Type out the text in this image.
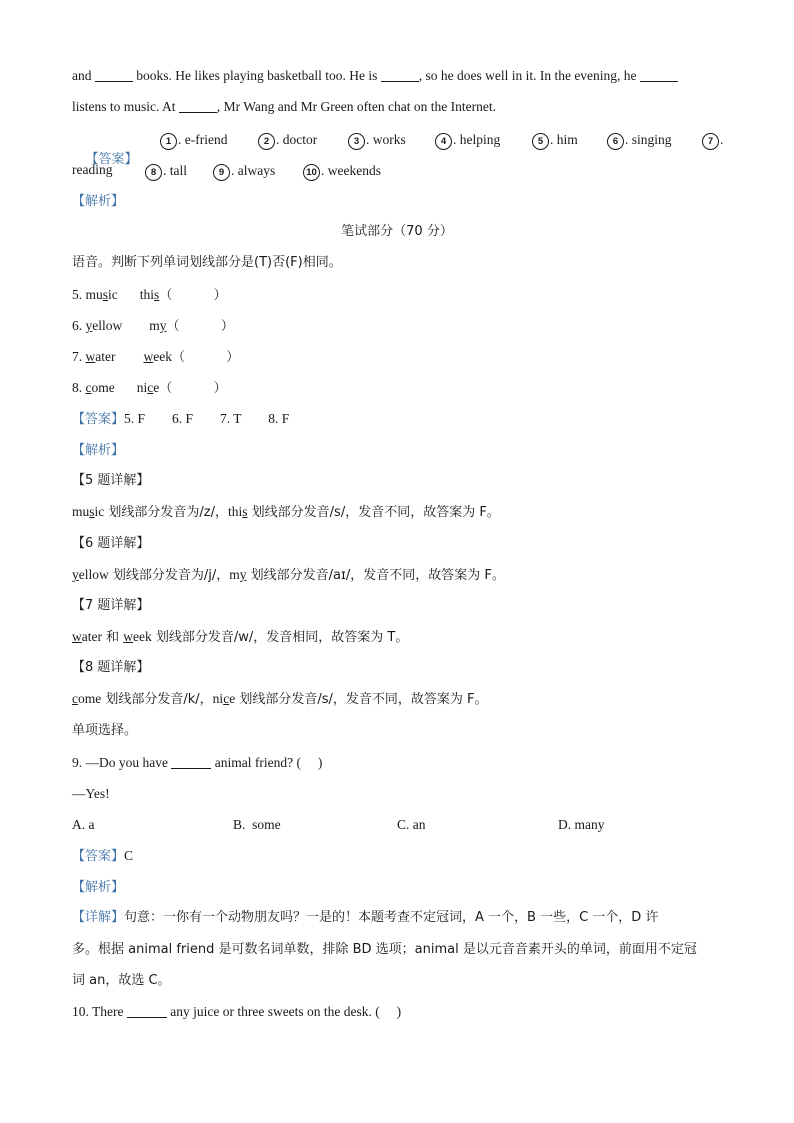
and	books. He likes playing basketball too. He is	, so he does well in it. In the evening, he
listens to music. At	, Mr Wang and Mr Green often chat on the Internet.

【答案】

1 . e-friend	2 . doctor	3 . works	4 . helping	5 . him	6 . singing	7 .
8 . tall	9 . always	10 . weekends
reading
【解析】
笔试部分（70 分）
语音。判断下列单词划线部分是(T)否(F)相同。
5. music this（          ）
6. yellow my（          ）
7. water week（          ）
8. come nice（          ）
【答案】5. F        6. F        7. T        8. F
【解析】
【5 题详解】
music 划线部分发音为/z/，this 划线部分发音/s/，发音不同，故答案为 F。
【6 题详解】
yellow 划线部分发音为/j/，my 划线部分发音/aɪ/，发音不同，故答案为 F。
【7 题详解】
water 和 week 划线部分发音/w/，发音相同，故答案为 T。
【8 题详解】
come 划线部分发音/k/，nice 划线部分发音/s/，发音不同，故答案为 F。
单项选择。
9. —Do you have	animal friend? (     )
—Yes!
A. a	B.  some	C. an	D. many
【答案】C
【解析】
【详解】句意：一你有一个动物朋友吗？一是的！本题考查不定冠词，A 一个，B 一些，C 一个，D 许
多。根据 animal friend 是可数名词单数，排除 BD 选项；animal 是以元音音素开头的单词，前面用不定冠
词 an，故选 C。
10. There	any juice or three sweets on the desk. (     )
